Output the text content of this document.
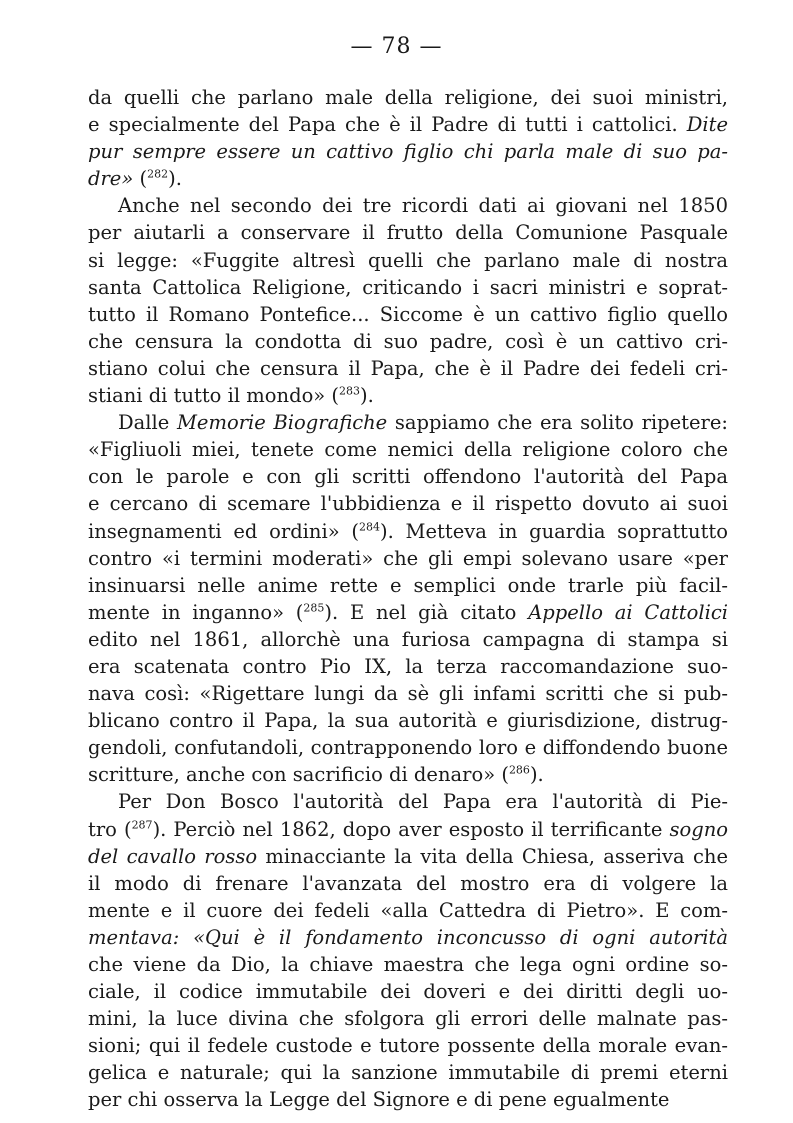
— 78 —
da quelli che parlano male della religione, dei suoi ministri,
e specialmente del Papa che è il Padre di tutti i cattolici. Dite
pur sempre essere un cattivo figlio chi parla male di suo pa-
dre» ($^{282}$).
Anche nel secondo dei tre ricordi dati ai giovani nel 1850
per aiutarli a conservare il frutto della Comunione Pasquale
si legge: «Fuggite altresì quelli che parlano male di nostra
santa Cattolica Religione, criticando i sacri ministri e soprat-
tutto il Romano Pontefice... Siccome è un cattivo figlio quello
che censura la condotta di suo padre, così è un cattivo cri-
stiano colui che censura il Papa, che è il Padre dei fedeli cri-
stiani di tutto il mondo» ($^{283}$).
Dalle Memorie Biografiche sappiamo che era solito ripetere:
«Figliuoli miei, tenete come nemici della religione coloro che
con le parole e con gli scritti offendono l'autorità del Papa
e cercano di scemare l'ubbidienza e il rispetto dovuto ai suoi
insegnamenti ed ordini» ($^{284}$). Metteva in guardia soprattutto
contro «i termini moderati» che gli empi solevano usare «per
insinuarsi nelle anime rette e semplici onde trarle più facil-
mente in inganno» ($^{285}$). E nel già citato Appello ai Cattolici
edito nel 1861, allorchè una furiosa campagna di stampa si
era scatenata contro Pio IX, la terza raccomandazione suo-
nava così: «Rigettare lungi da sè gli infami scritti che si pub-
blicano contro il Papa, la sua autorità e giurisdizione, distrug-
gendoli, confutandoli, contrapponendo loro e diffondendo buone
scritture, anche con sacrificio di denaro» ($^{286}$).
Per Don Bosco l'autorità del Papa era l'autorità di Pie-
tro ($^{287}$). Perciò nel 1862, dopo aver esposto il terrificante sogno
del cavallo rosso minacciante la vita della Chiesa, asseriva che
il modo di frenare l'avanzata del mostro era di volgere la
mente e il cuore dei fedeli «alla Cattedra di Pietro». E com-
mentava: «Qui è il fondamento inconcusso di ogni autorità
che viene da Dio, la chiave maestra che lega ogni ordine so-
ciale, il codice immutabile dei doveri e dei diritti degli uo-
mini, la luce divina che sfolgora gli errori delle malnate pas-
sioni; qui il fedele custode e tutore possente della morale evan-
gelica e naturale; qui la sanzione immutabile di premi eterni
per chi osserva la Legge del Signore e di pene egualmente
